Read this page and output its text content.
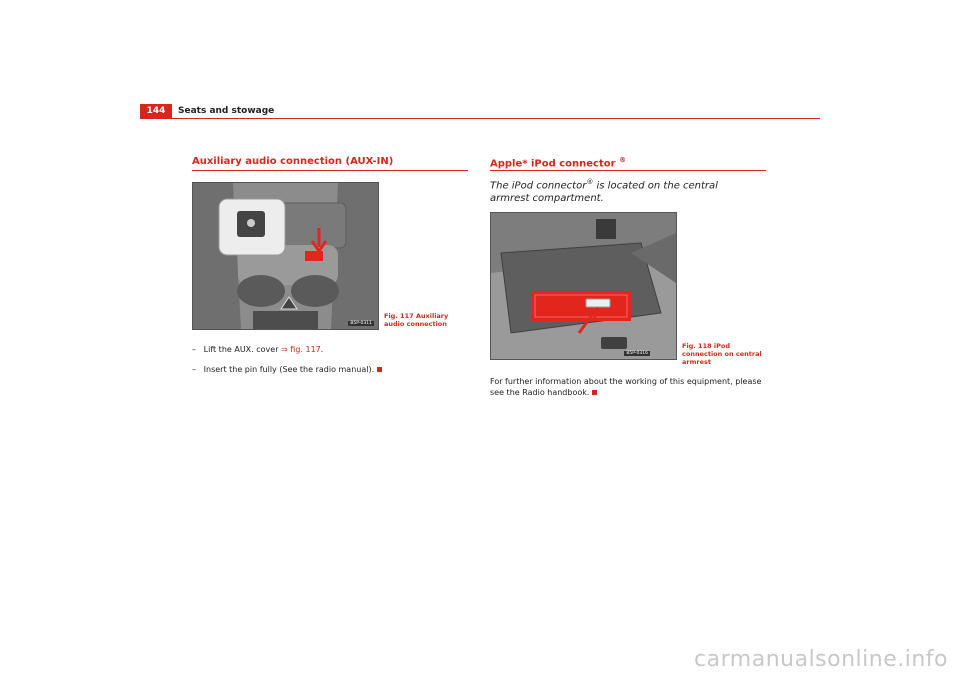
144	Seats and stowage
Auxiliary audio connection (AUX-IN)
B5P-0311
Fig. 117 Auxiliary audio connection
– Lift the AUX. cover ⇒ fig. 117.
– Insert the pin fully (See the radio manual).
Apple* iPod connector ®
The iPod connector® is located on the central armrest compartment.
B5P-0316
Fig. 118 iPod connection on central armrest
For further information about the working of this equipment, please see the Radio handbook.
carmanualsonline.info
